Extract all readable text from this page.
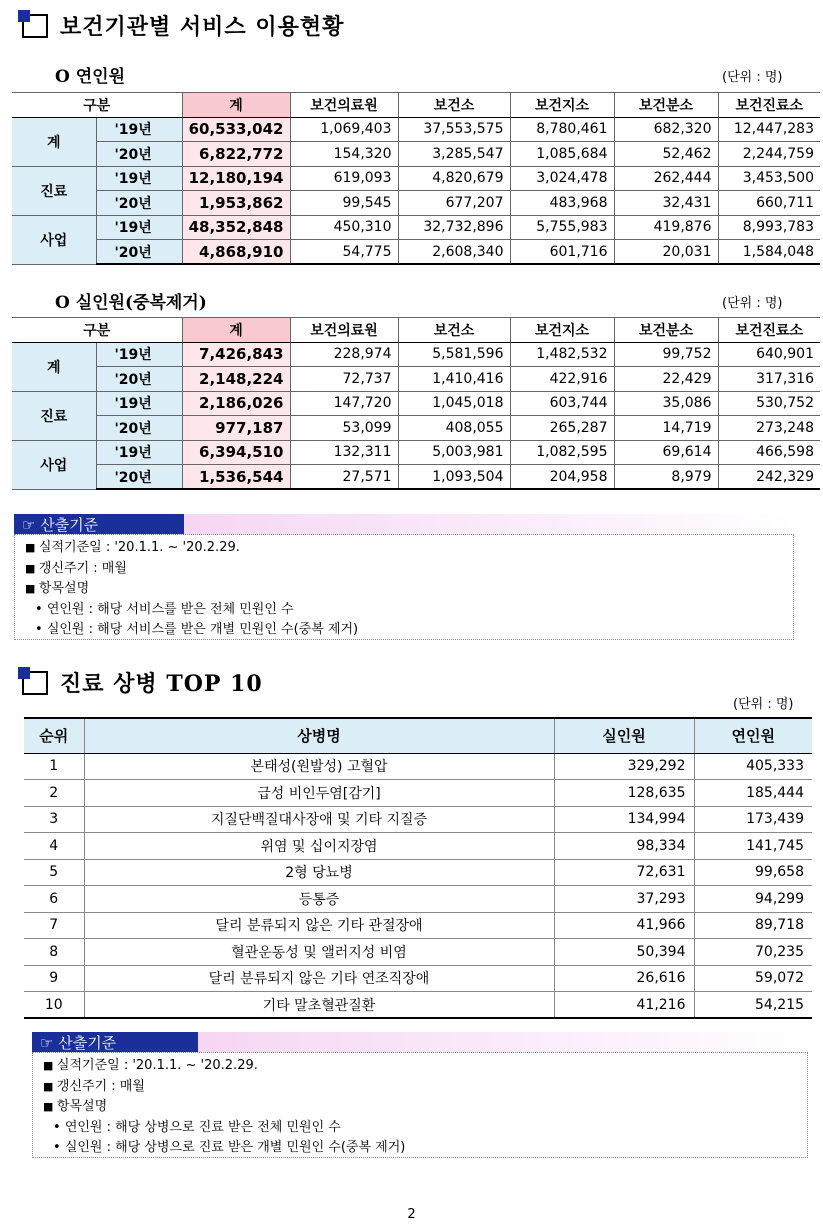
보건기관별 서비스 이용현황
O 연인원	(단위 : 명)
구분		계	보건의료원	보건소	보건지소	보건분소	보건진료소
계	'19년	60,533,042	1,069,403	37,553,575	8,780,461	682,320	12,447,283
	'20년	6,822,772	154,320	3,285,547	1,085,684	52,462	2,244,759
진료	'19년	12,180,194	619,093	4,820,679	3,024,478	262,444	3,453,500
	'20년	1,953,862	99,545	677,207	483,968	32,431	660,711
사업	'19년	48,352,848	450,310	32,732,896	5,755,983	419,876	8,993,783
	'20년	4,868,910	54,775	2,608,340	601,716	20,031	1,584,048
O 실인원(중복제거)	(단위 : 명)
구분		계	보건의료원	보건소	보건지소	보건분소	보건진료소
계	'19년	7,426,843	228,974	5,581,596	1,482,532	99,752	640,901
	'20년	2,148,224	72,737	1,410,416	422,916	22,429	317,316
진료	'19년	2,186,026	147,720	1,045,018	603,744	35,086	530,752
	'20년	977,187	53,099	408,055	265,287	14,719	273,248
사업	'19년	6,394,510	132,311	5,003,981	1,082,595	69,614	466,598
	'20년	1,536,544	27,571	1,093,504	204,958	8,979	242,329
☞ 산출기준
■ 실적기준일 : '20.1.1. ~ '20.2.29.
■ 갱신주기 : 매월
■ 항목설명
• 연인원 : 해당 서비스를 받은 전체 민원인 수
• 실인원 : 해당 서비스를 받은 개별 민원인 수(중복 제거)
진료 상병 TOP 10
(단위 : 명)
순위	상병명	실인원	연인원
1	본태성(원발성) 고혈압	329,292	405,333
2	급성 비인두염[감기]	128,635	185,444
3	지질단백질대사장애 및 기타 지질증	134,994	173,439
4	위염 및 십이지장염	98,334	141,745
5	2형 당뇨병	72,631	99,658
6	등통증	37,293	94,299
7	달리 분류되지 않은 기타 관절장애	41,966	89,718
8	혈관운동성 및 앨러지성 비염	50,394	70,235
9	달리 분류되지 않은 기타 연조직장애	26,616	59,072
10	기타 말초혈관질환	41,216	54,215
☞ 산출기준
■ 실적기준일 : '20.1.1. ~ '20.2.29.
■ 갱신주기 : 매월
■ 항목설명
• 연인원 : 해당 상병으로 진료 받은 전체 민원인 수
• 실인원 : 해당 상병으로 진료 받은 개별 민원인 수(중복 제거)
2
